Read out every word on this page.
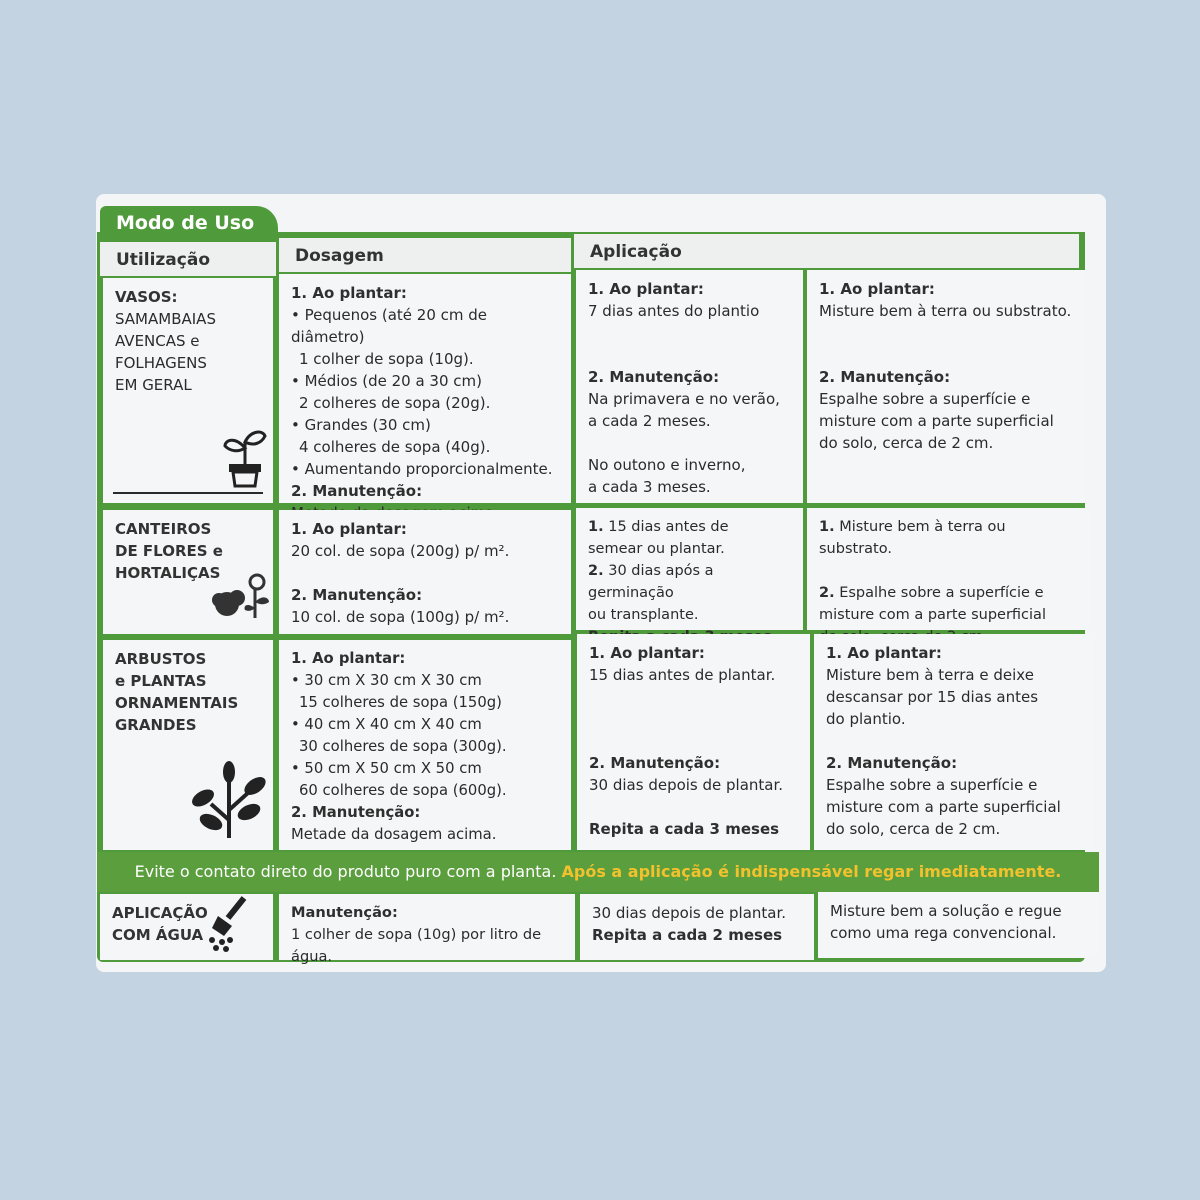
Modo de Uso
Utilização	Dosagem	Aplicação
VASOS:
SAMAMBAIAS
AVENCAS e
FOLHAGENS
EM GERAL
1. Ao plantar:
• Pequenos (até 20 cm de diâmetro)
1 colher de sopa (10g).
• Médios (de 20 a 30 cm)
2 colheres de sopa (20g).
• Grandes (30 cm)
4 colheres de sopa (40g).
• Aumentando proporcionalmente.
2. Manutenção:
1. Ao plantar:
7 dias antes do plantio
2. Manutenção:
Na primavera e no verão,
a cada 2 meses.
No outono e inverno,
a cada 3 meses.
1. Ao plantar:
Misture bem à terra ou substrato.
2. Manutenção:
Espalhe sobre a superfície e
misture com a parte superficial
do solo, cerca de 2 cm.
CANTEIROS
DE FLORES e
HORTALIÇAS
1. Ao plantar:
20 col. de sopa (200g) p/ m².
2. Manutenção:
10 col. de sopa (100g) p/ m².
1. 15 dias antes de
semear ou plantar.
2. 30 dias após a germinação
ou transplante.
1. Misture bem à terra ou substrato.
2. Espalhe sobre a superfície e
misture com a parte superficial
ARBUSTOS
e PLANTAS
ORNAMENTAIS
GRANDES
1. Ao plantar:
• 30 cm X 30 cm X 30 cm
15 colheres de sopa (150g)
• 40 cm X 40 cm X 40 cm
30 colheres de sopa (300g).
• 50 cm X 50 cm X 50 cm
60 colheres de sopa (600g).
2. Manutenção:
Metade da dosagem acima.
1. Ao plantar:
15 dias antes de plantar.
2. Manutenção:
30 dias depois de plantar.
Repita a cada 3 meses
1. Ao plantar:
Misture bem à terra e deixe
descansar por 15 dias antes
do plantio.
2. Manutenção:
Espalhe sobre a superfície e
misture com a parte superficial
do solo, cerca de 2 cm.
Evite o contato direto do produto puro com a planta. Após a aplicação é indispensável regar imediatamente.
APLICAÇÃO
COM ÁGUA
Manutenção:
1 colher de sopa (10g) por litro de água.
30 dias depois de plantar.
Repita a cada 2 meses
Misture bem a solução e regue
como uma rega convencional.
